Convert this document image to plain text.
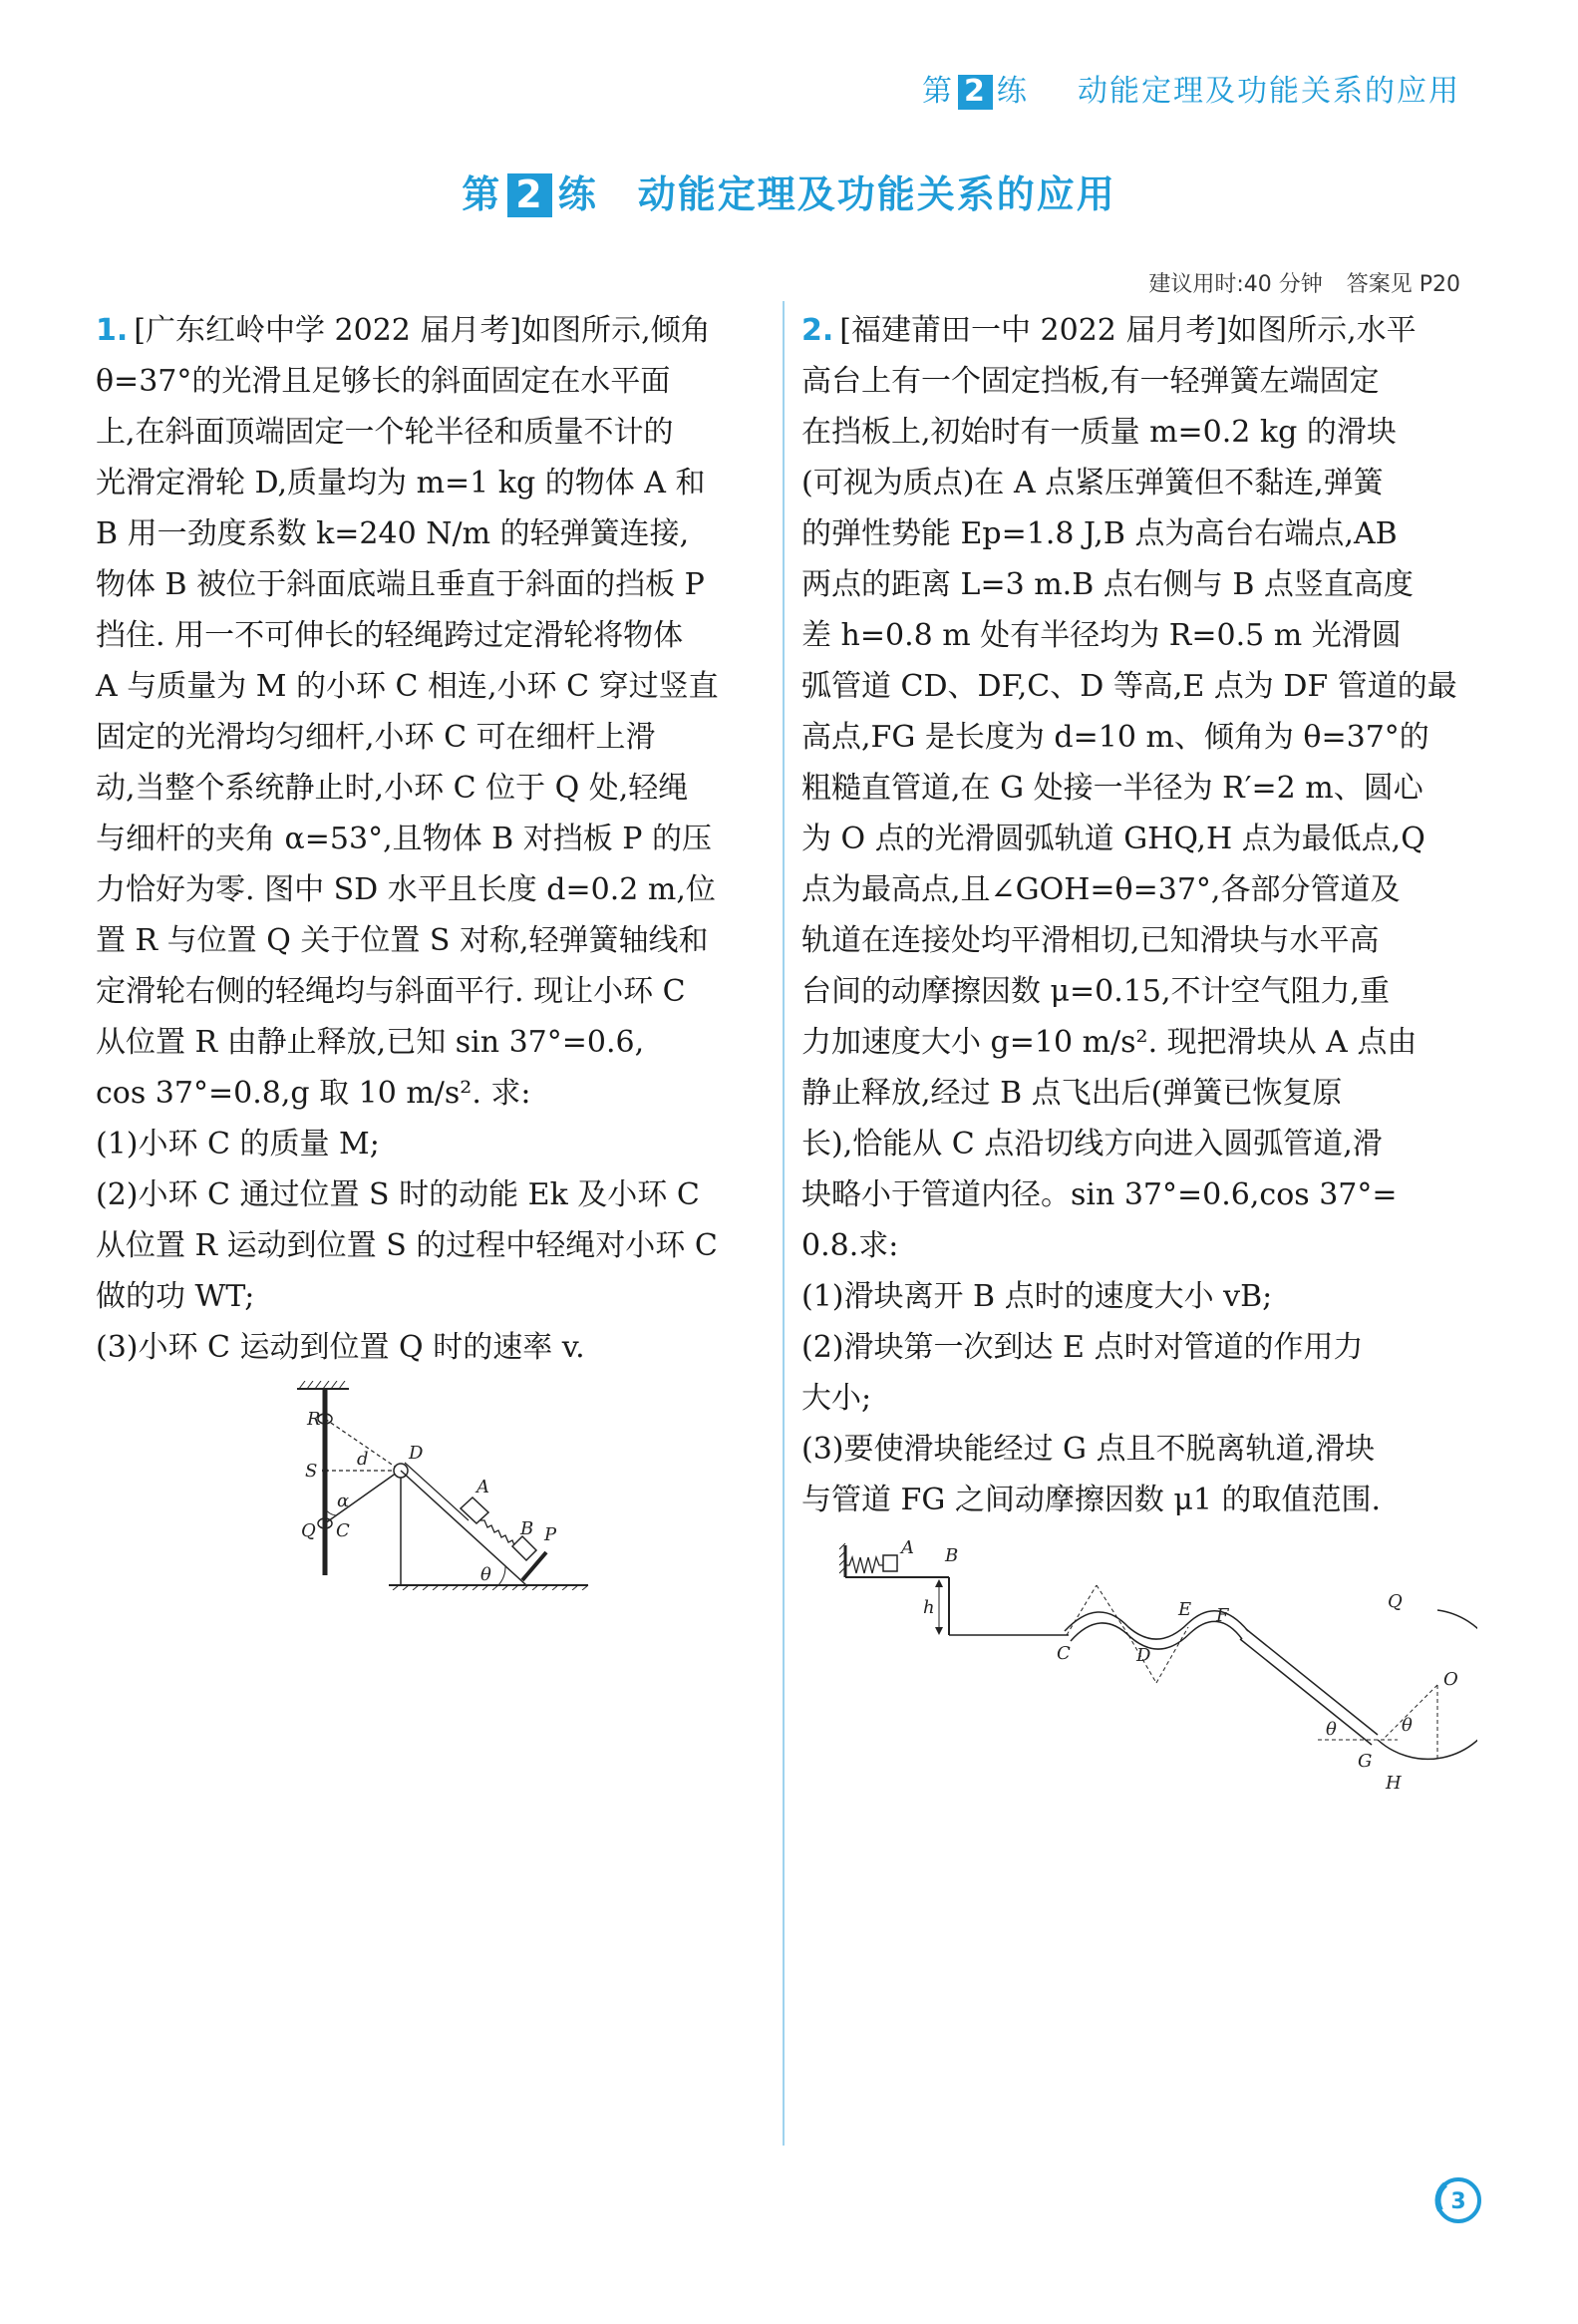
第 2 练 动能定理及功能关系的应用
第 2 练 动能定理及功能关系的应用
建议用时:40 分钟 答案见 P20

1. [广东红岭中学 2022 届月考]如图所示,倾角

θ=37°的光滑且足够长的斜面固定在水平面

上,在斜面顶端固定一个轮半径和质量不计的

光滑定滑轮 D,质量均为 m=1 kg 的物体 A 和

B 用一劲度系数 k=240 N/m 的轻弹簧连接,

物体 B 被位于斜面底端且垂直于斜面的挡板 P

挡住. 用一不可伸长的轻绳跨过定滑轮将物体

A 与质量为 M 的小环 C 相连,小环 C 穿过竖直

固定的光滑均匀细杆,小环 C 可在细杆上滑

动,当整个系统静止时,小环 C 位于 Q 处,轻绳

与细杆的夹角 α=53°,且物体 B 对挡板 P 的压

力恰好为零. 图中 SD 水平且长度 d=0.2 m,位

置 R 与位置 Q 关于位置 S 对称,轻弹簧轴线和

定滑轮右侧的轻绳均与斜面平行. 现让小环 C

从位置 R 由静止释放,已知 sin 37°=0.6,

cos 37°=0.8,g 取 10 m/s². 求:

(1)小环 C 的质量 M;

(2)小环 C 通过位置 S 时的动能 Ek 及小环 C

从位置 R 运动到位置 S 的过程中轻绳对小环 C

做的功 WT;

(3)小环 C 运动到位置 Q 时的速率 v.

R
S
Q C
d
α
D
A
B P
θ

2. [福建莆田一中 2022 届月考]如图所示,水平

高台上有一个固定挡板,有一轻弹簧左端固定

在挡板上,初始时有一质量 m=0.2 kg 的滑块

(可视为质点)在 A 点紧压弹簧但不黏连,弹簧

的弹性势能 Ep=1.8 J,B 点为高台右端点,AB

两点的距离 L=3 m.B 点右侧与 B 点竖直高度

差 h=0.8 m 处有半径均为 R=0.5 m 光滑圆

弧管道 CD、DF,C、D 等高,E 点为 DF 管道的最

高点,FG 是长度为 d=10 m、倾角为 θ=37°的

粗糙直管道,在 G 处接一半径为 R′=2 m、圆心

为 O 点的光滑圆弧轨道 GHQ,H 点为最低点,Q

点为最高点,且∠GOH=θ=37°,各部分管道及

轨道在连接处均平滑相切,已知滑块与水平高

台间的动摩擦因数 μ=0.15,不计空气阻力,重

力加速度大小 g=10 m/s². 现把滑块从 A 点由

静止释放,经过 B 点飞出后(弹簧已恢复原

长),恰能从 C 点沿切线方向进入圆弧管道,滑

块略小于管道内径。sin 37°=0.6,cos 37°=

0.8.求:

(1)滑块离开 B 点时的速度大小 vB;

(2)滑块第一次到达 E 点时对管道的作用力

大小;

(3)要使滑块能经过 G 点且不脱离轨道,滑块

与管道 FG 之间动摩擦因数 μ1 的取值范围.

A B
h
C	D
E F
Q
O
θ	θ
G
H
3
